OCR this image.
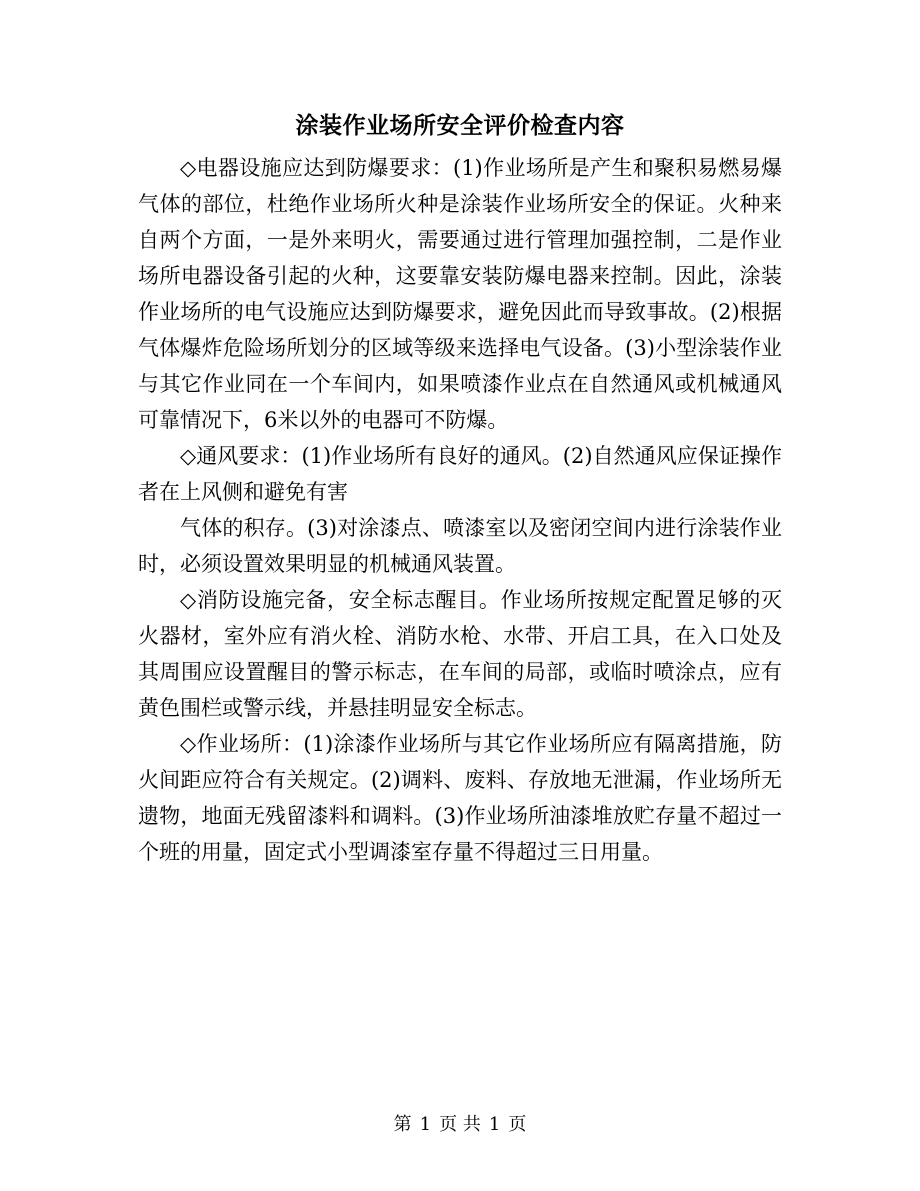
涂装作业场所安全评价检查内容

◇电器设施应达到防爆要求：(1)作业场所是产生和聚积易燃易爆气体的部位，杜绝作业场所火种是涂装作业场所安全的保证。火种来自两个方面，一是外来明火，需要通过进行管理加强控制，二是作业场所电器设备引起的火种，这要靠安装防爆电器来控制。因此，涂装作业场所的电气设施应达到防爆要求，避免因此而导致事故。(2)根据气体爆炸危险场所划分的区域等级来选择电气设备。(3)小型涂装作业与其它作业同在一个车间内，如果喷漆作业点在自然通风或机械通风可靠情况下，6米以外的电器可不防爆。

◇通风要求：(1)作业场所有良好的通风。(2)自然通风应保证操作者在上风侧和避免有害

气体的积存。(3)对涂漆点、喷漆室以及密闭空间内进行涂装作业时，必须设置效果明显的机械通风装置。

◇消防设施完备，安全标志醒目。作业场所按规定配置足够的灭火器材，室外应有消火栓、消防水枪、水带、开启工具，在入口处及其周围应设置醒目的警示标志，在车间的局部，或临时喷涂点，应有黄色围栏或警示线，并悬挂明显安全标志。

◇作业场所：(1)涂漆作业场所与其它作业场所应有隔离措施，防火间距应符合有关规定。(2)调料、废料、存放地无泄漏，作业场所无遗物，地面无残留漆料和调料。(3)作业场所油漆堆放贮存量不超过一个班的用量，固定式小型调漆室存量不得超过三日用量。

第 1 页 共 1 页
